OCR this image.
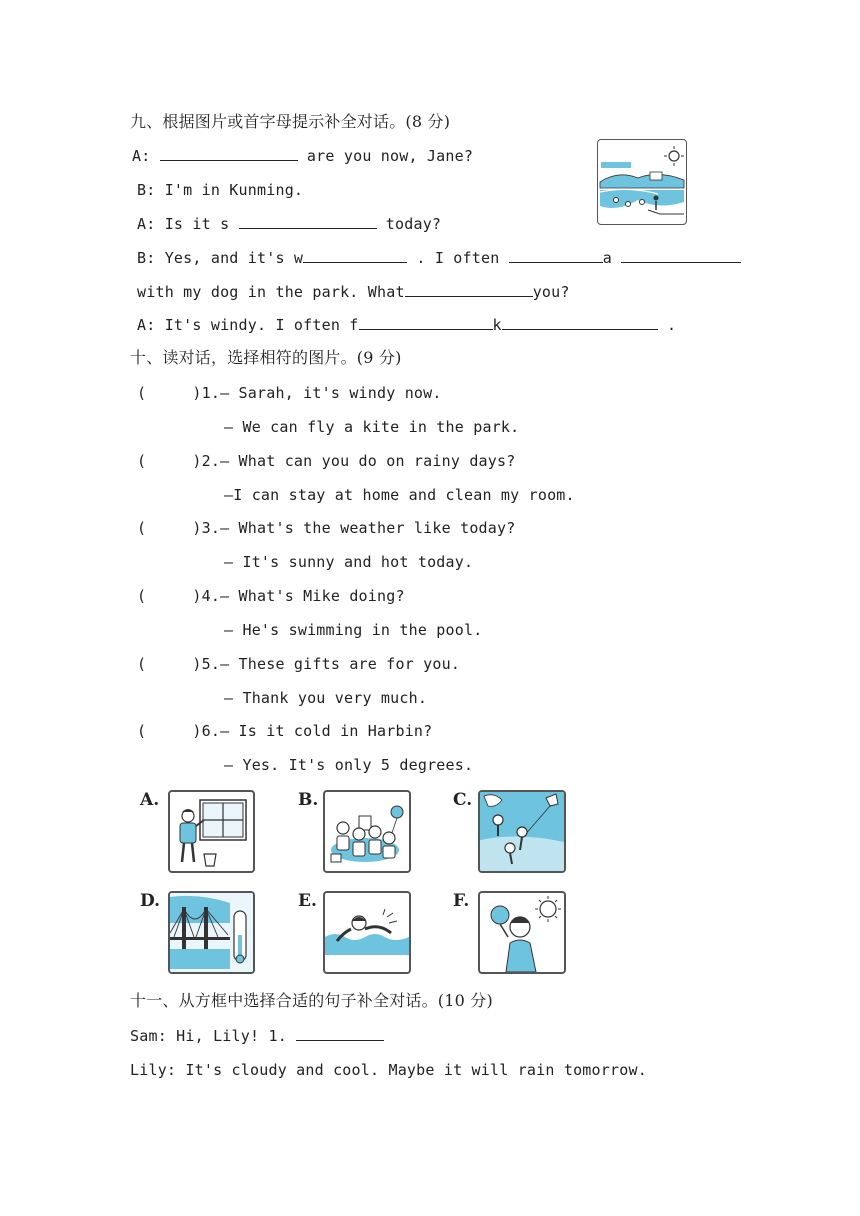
九、根据图片或首字母提示补全对话。(8 分)
A:	are you now, Jane?
B: I'm in Kunming.
A: Is it s	today?
B: Yes, and it's w	. I often	a
with my dog in the park. What	you?
A: It's windy. I often f	k	.
十、读对话，选择相符的图片。(9 分)
(     )1.— Sarah, it's windy now.
— We can fly a kite in the park.
(     )2.— What can you do on rainy days?
—I can stay at home and clean my room.
(     )3.— What's the weather like today?
— It's sunny and hot today.
(     )4.— What's Mike doing?
— He's swimming in the pool.
(     )5.— These gifts are for you.
— Thank you very much.
(     )6.— Is it cold in Harbin?
— Yes. It's only 5 degrees.
A.	B.	C.
D.	E.	F.
十一、从方框中选择合适的句子补全对话。(10 分)
Sam: Hi, Lily! 1.
Lily: It's cloudy and cool. Maybe it will rain tomorrow.
